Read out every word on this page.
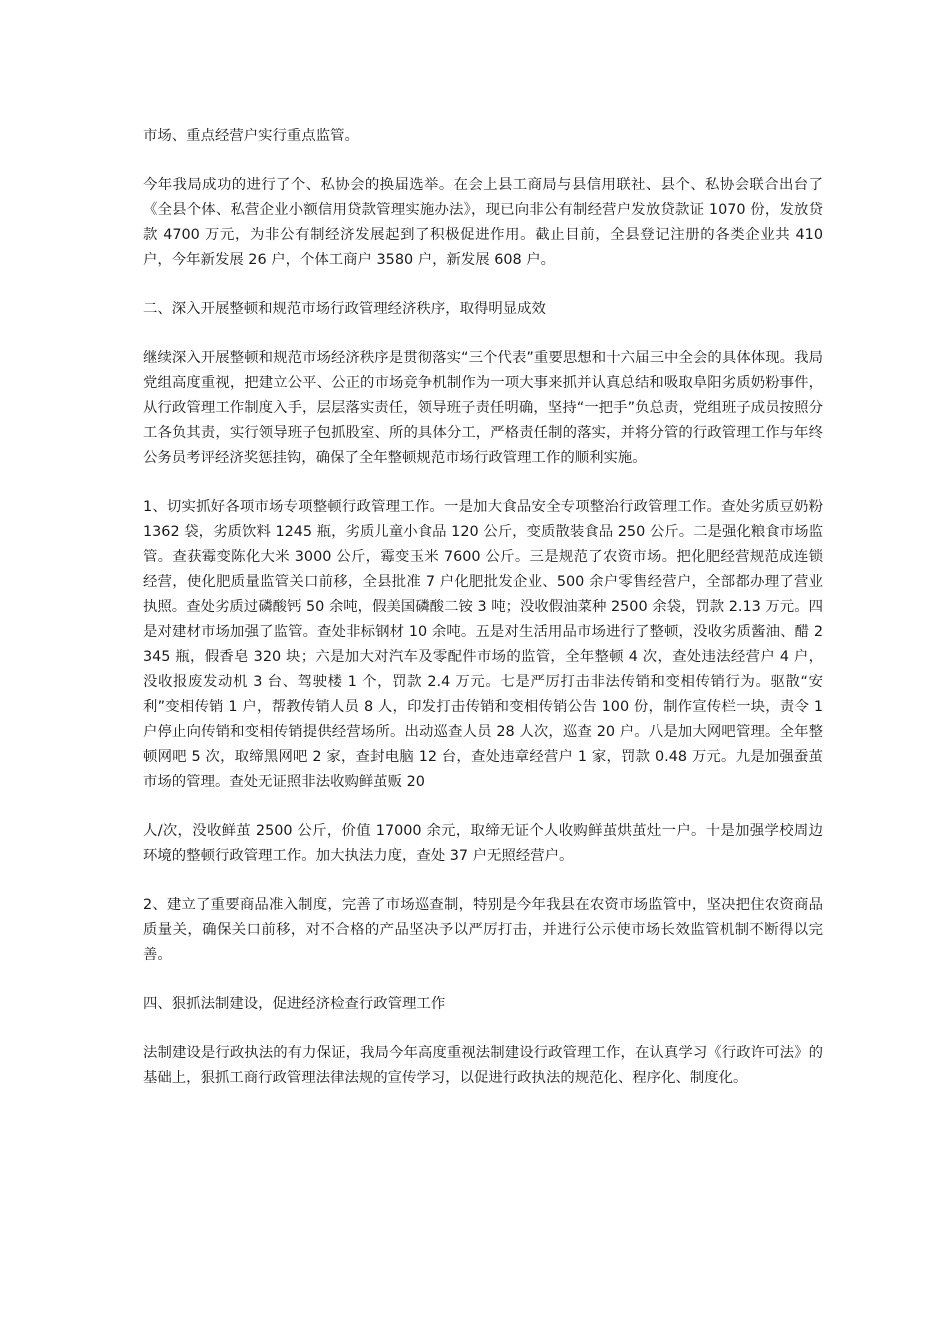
市场、重点经营户实行重点监管。

今年我局成功的进行了个、私协会的换届选举。在会上县工商局与县信用联社、县个、私协会联合出台了《全县个体、私营企业小额信用贷款管理实施办法》，现已向非公有制经营户发放贷款证 1070 份，发放贷款 4700 万元，为非公有制经济发展起到了积极促进作用。截止目前，全县登记注册的各类企业共 410 户，今年新发展 26 户，个体工商户 3580 户，新发展 608 户。

二、深入开展整顿和规范市场行政管理经济秩序，取得明显成效

继续深入开展整顿和规范市场经济秩序是贯彻落实“三个代表”重要思想和十六届三中全会的具体体现。我局党组高度重视，把建立公平、公正的市场竞争机制作为一项大事来抓并认真总结和吸取阜阳劣质奶粉事件，从行政管理工作制度入手，层层落实责任，领导班子责任明确，坚持“一把手”负总责，党组班子成员按照分工各负其责，实行领导班子包抓股室、所的具体分工，严格责任制的落实，并将分管的行政管理工作与年终公务员考评经济奖惩挂钩，确保了全年整顿规范市场行政管理工作的顺利实施。

1、切实抓好各项市场专项整顿行政管理工作。一是加大食品安全专项整治行政管理工作。查处劣质豆奶粉 1362 袋，劣质饮料 1245 瓶，劣质儿童小食品 120 公斤，变质散装食品 250 公斤。二是强化粮食市场监管。查获霉变陈化大米 3000 公斤，霉变玉米 7600 公斤。三是规范了农资市场。把化肥经营规范成连锁经营，使化肥质量监管关口前移，全县批准 7 户化肥批发企业、500 余户零售经营户，全部都办理了营业执照。查处劣质过磷酸钙 50 余吨，假美国磷酸二铵 3 吨；没收假油菜种 2500 余袋，罚款 2.13 万元。四是对建材市场加强了监管。查处非标钢材 10 余吨。五是对生活用品市场进行了整顿，没收劣质酱油、醋 2345 瓶，假香皂 320 块；六是加大对汽车及零配件市场的监管，全年整顿 4 次，查处违法经营户 4 户，没收报废发动机 3 台、驾驶楼 1 个，罚款 2.4 万元。七是严厉打击非法传销和变相传销行为。驱散“安利”变相传销 1 户，帮教传销人员 8 人，印发打击传销和变相传销公告 100 份，制作宣传栏一块，责令 1 户停止向传销和变相传销提供经营场所。出动巡查人员 28 人次，巡查 20 户。八是加大网吧管理。全年整顿网吧 5 次，取缔黑网吧 2 家，查封电脑 12 台，查处违章经营户 1 家，罚款 0.48 万元。九是加强蚕茧市场的管理。查处无证照非法收购鲜茧贩 20

人/次，没收鲜茧 2500 公斤，价值 17000 余元，取缔无证个人收购鲜茧烘茧灶一户。十是加强学校周边环境的整顿行政管理工作。加大执法力度，查处 37 户无照经营户。

2、建立了重要商品准入制度，完善了市场巡查制，特别是今年我县在农资市场监管中，坚决把住农资商品质量关，确保关口前移，对不合格的产品坚决予以严厉打击，并进行公示使市场长效监管机制不断得以完善。

四、狠抓法制建设，促进经济检查行政管理工作

法制建设是行政执法的有力保证，我局今年高度重视法制建设行政管理工作，在认真学习《行政许可法》的基础上，狠抓工商行政管理法律法规的宣传学习，以促进行政执法的规范化、程序化、制度化。
